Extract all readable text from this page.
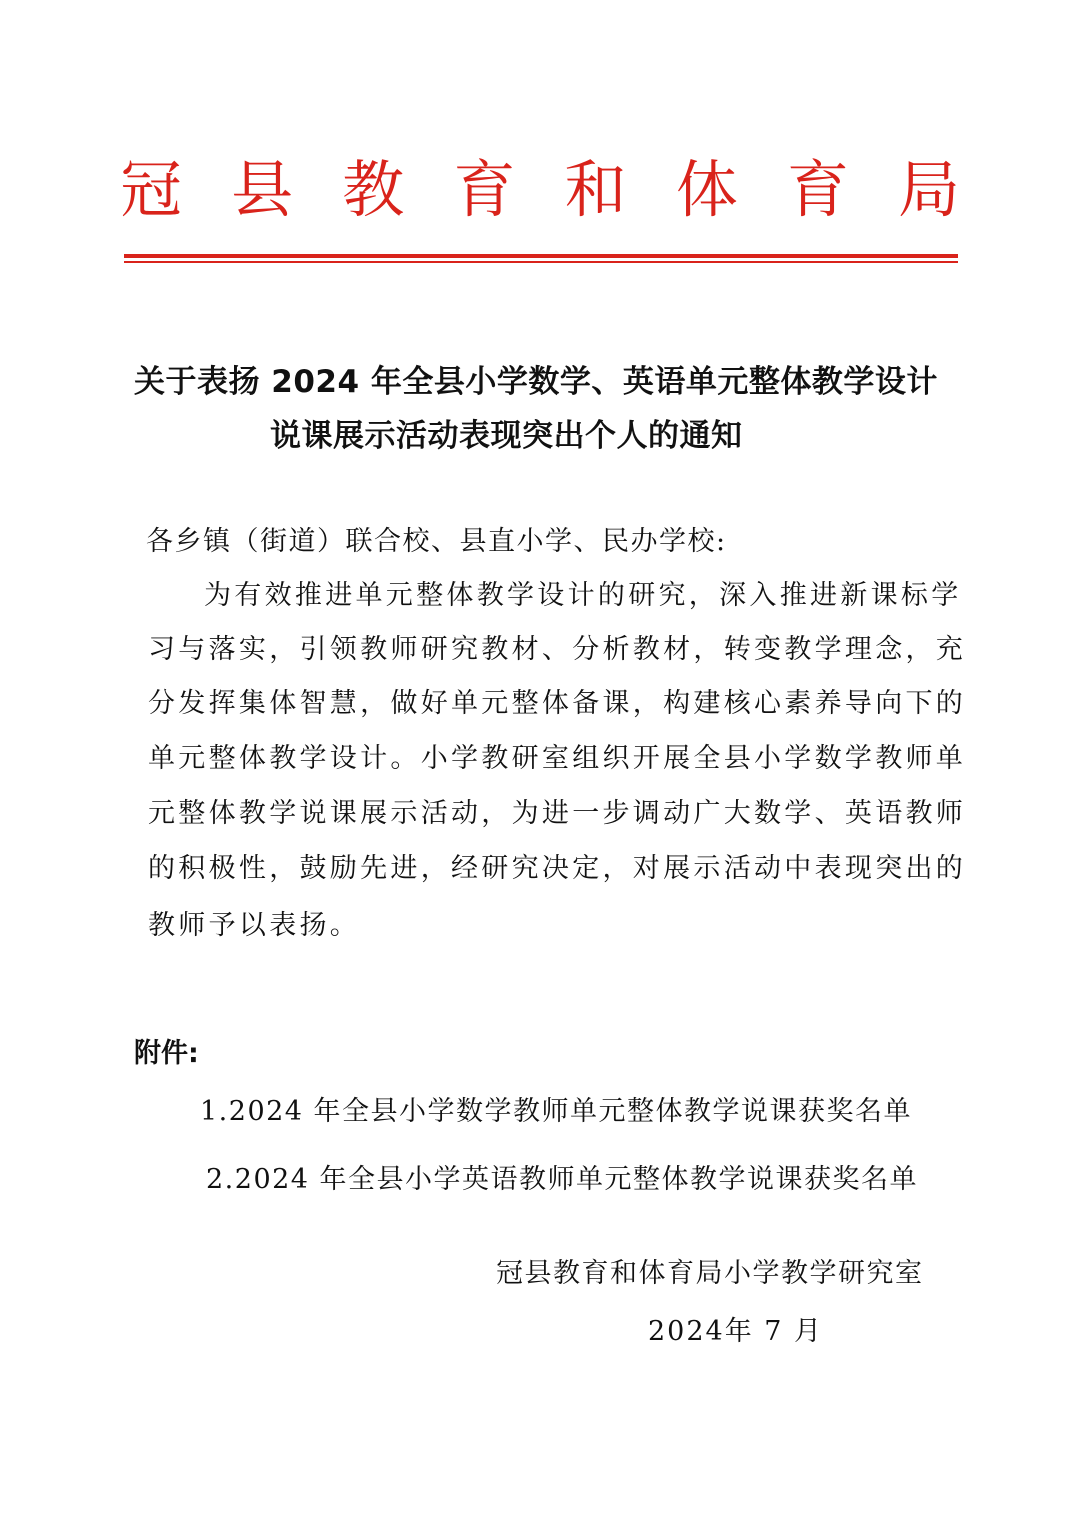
冠 县 教 育 和 体 育 局
关于表扬 2024 年全县小学数学、英语单元整体教学设计
说课展示活动表现突出个人的通知
各乡镇（街道）联合校、县直小学、民办学校:
为有效推进单元整体教学设计的研究，深入推进新课标学
习与落实，引领教师研究教材、分析教材，转变教学理念，充
分发挥集体智慧，做好单元整体备课，构建核心素养导向下的
单元整体教学设计。小学教研室组织开展全县小学数学教师单
元整体教学说课展示活动，为进一步调动广大数学、英语教师
的积极性，鼓励先进，经研究决定，对展示活动中表现突出的
教师予以表扬。
附件:
1.2024 年全县小学数学教师单元整体教学说课获奖名单
2.2024 年全县小学英语教师单元整体教学说课获奖名单
冠县教育和体育局小学教学研究室
2024年 7 月
